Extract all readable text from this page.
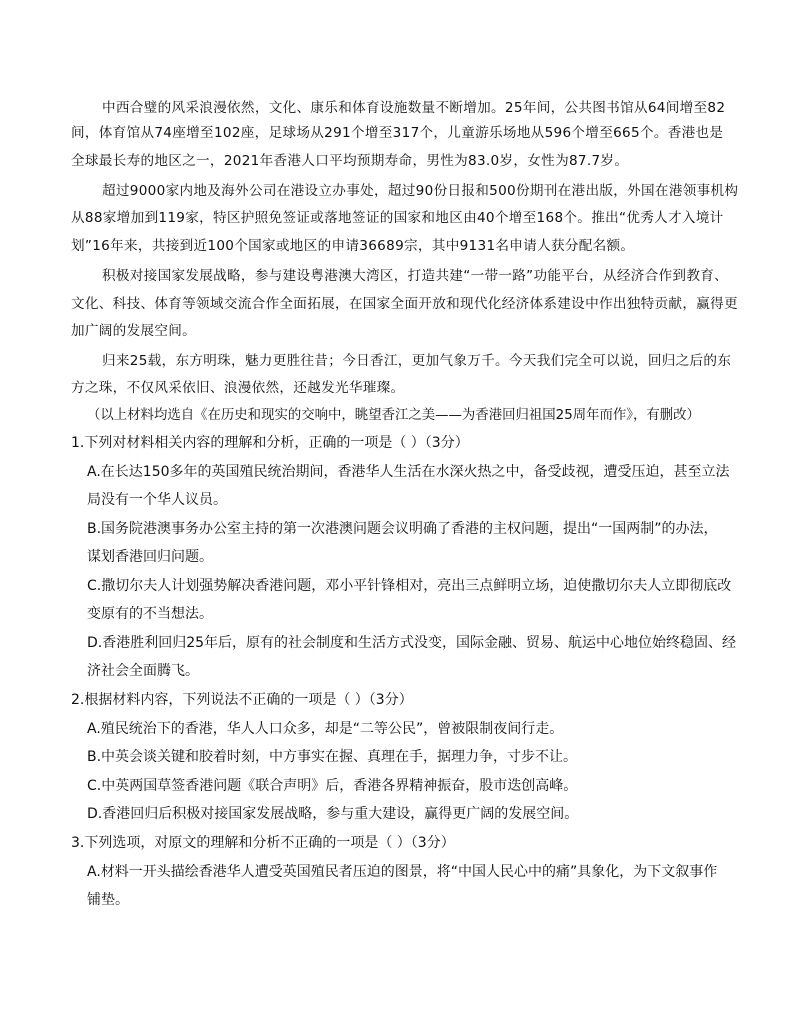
中西合璧的风采浪漫依然，文化、康乐和体育设施数量不断增加。25年间，公共图书馆从64间增至82
间，体育馆从74座增至102座，足球场从291个增至317个，儿童游乐场地从596个增至665个。香港也是
全球最长寿的地区之一，2021年香港人口平均预期寿命，男性为83.0岁，女性为87.7岁。
超过9000家内地及海外公司在港设立办事处，超过90份日报和500份期刊在港出版，外国在港领事机构
从88家增加到119家，特区护照免签证或落地签证的国家和地区由40个增至168个。推出“优秀人才入境计
划”16年来，共接到近100个国家或地区的申请36689宗，其中9131名申请人获分配名额。
积极对接国家发展战略，参与建设粤港澳大湾区，打造共建“一带一路”功能平台，从经济合作到教育、
文化、科技、体育等领域交流合作全面拓展，在国家全面开放和现代化经济体系建设中作出独特贡献，赢得更
加广阔的发展空间。
归来25载，东方明珠，魅力更胜往昔；今日香江，更加气象万千。今天我们完全可以说，回归之后的东
方之珠，不仅风采依旧、浪漫依然，还越发光华璀璨。
（以上材料均选自《在历史和现实的交响中，眺望香江之美——为香港回归祖国25周年而作》，有删改）
1.下列对材料相关内容的理解和分析，正确的一项是（ ）（3分）
A.在长达150多年的英国殖民统治期间，香港华人生活在水深火热之中，备受歧视，遭受压迫，甚至立法
局没有一个华人议员。
B.国务院港澳事务办公室主持的第一次港澳问题会议明确了香港的主权问题，提出“一国两制”的办法，
谋划香港回归问题。
C.撒切尔夫人计划强势解决香港问题，邓小平针锋相对，亮出三点鲜明立场，迫使撒切尔夫人立即彻底改
变原有的不当想法。
D.香港胜利回归25年后，原有的社会制度和生活方式没变，国际金融、贸易、航运中心地位始终稳固、经
济社会全面腾飞。
2.根据材料内容，下列说法不正确的一项是（ ）（3分）
A.殖民统治下的香港，华人人口众多，却是“二等公民”，曾被限制夜间行走。
B.中英会谈关键和胶着时刻，中方事实在握、真理在手，据理力争，寸步不让。
C.中英两国草签香港问题《联合声明》后，香港各界精神振奋，股市迭创高峰。
D.香港回归后积极对接国家发展战略，参与重大建设，赢得更广阔的发展空间。
3.下列选项，对原文的理解和分析不正确的一项是（ ）（3分）
A.材料一开头描绘香港华人遭受英国殖民者压迫的图景，将“中国人民心中的痛”具象化，为下文叙事作
铺垫。
